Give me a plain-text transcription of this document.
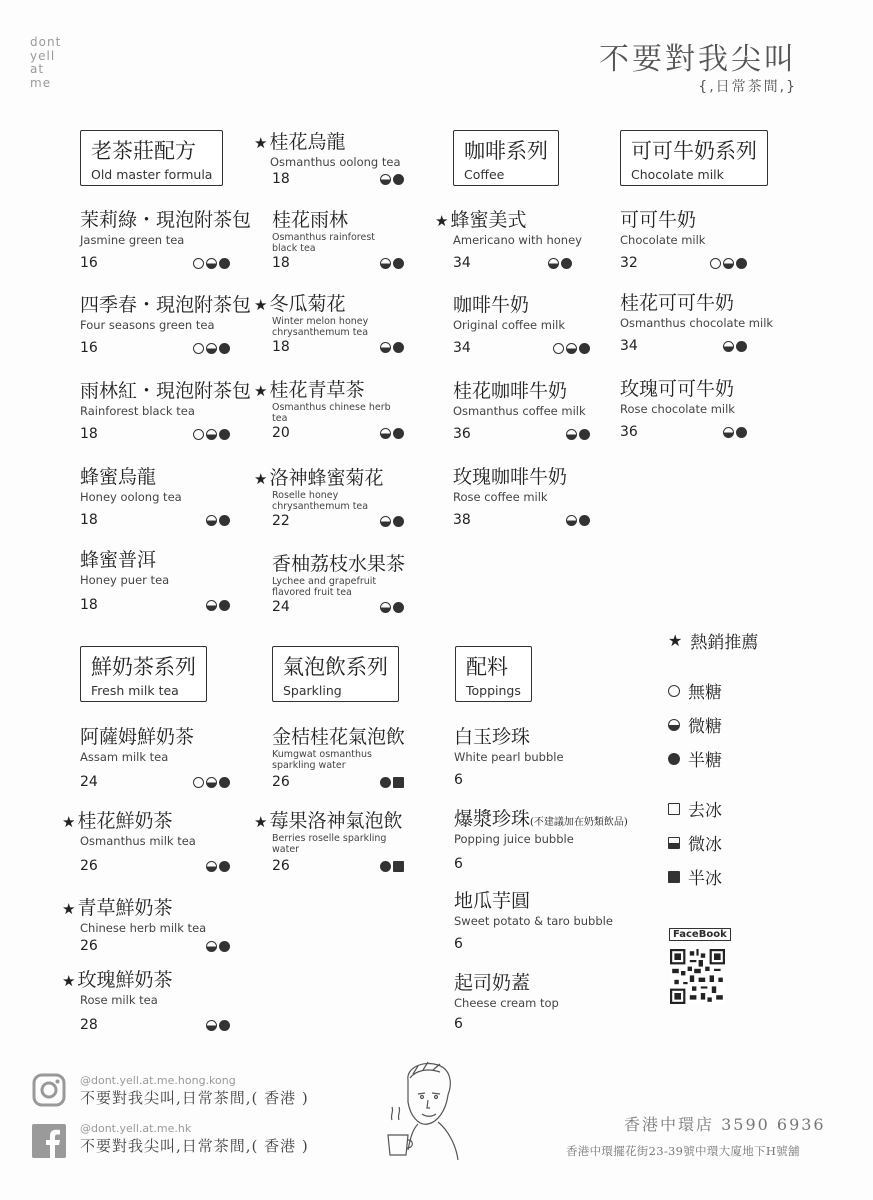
dont
yell
at
me
不要對我尖叫
{,日常茶間,}
老茶莊配方
Old master formula
咖啡系列
Coffee
可可牛奶系列
Chocolate milk
鮮奶茶系列
Fresh milk tea
氣泡飲系列
Sparkling
配料
Toppings
茉莉綠・現泡附茶包
Jasmine green tea
16
四季春・現泡附茶包
Four seasons green tea
16
雨林紅・現泡附茶包
Rainforest black tea
18
蜂蜜烏龍
Honey oolong tea
18
蜂蜜普洱
Honey puer tea
18
★ 桂花烏龍
Osmanthus oolong tea
18
桂花雨林
Osmanthus rainforest black tea
18
★ 冬瓜菊花
Winter melon honey chrysanthemum tea
18
★ 桂花青草茶
Osmanthus chinese herb tea
20
★ 洛神蜂蜜菊花
Roselle honey chrysanthemum tea
22
香柚荔枝水果茶
Lychee and grapefruit flavored fruit tea
24
★ 蜂蜜美式
Americano with honey
34
咖啡牛奶
Original coffee milk
34
桂花咖啡牛奶
Osmanthus coffee milk
36
玫瑰咖啡牛奶
Rose coffee milk
38
可可牛奶
Chocolate milk
32
桂花可可牛奶
Osmanthus chocolate milk
34
玫瑰可可牛奶
Rose chocolate milk
36
阿薩姆鮮奶茶
Assam milk tea
24
★ 桂花鮮奶茶
Osmanthus milk tea
26
★ 青草鮮奶茶
Chinese herb milk tea
26
★ 玫瑰鮮奶茶
Rose milk tea
28
金桔桂花氣泡飲
Kumgwat osmanthus sparkling water
26
★ 莓果洛神氣泡飲
Berries roselle sparkling water
26
白玉珍珠
White pearl bubble
6
爆漿珍珠(不建議加在奶類飲品)
Popping juice bubble
6
地瓜芋圓
Sweet potato & taro bubble
6
起司奶蓋
Cheese cream top
6
★ 熱銷推薦
無糖
微糖
半糖
去冰
微冰
半冰
FaceBook
@dont.yell.at.me.hong.kong
不要對我尖叫,日常茶間,( 香港 )
@dont.yell.at.me.hk
不要對我尖叫,日常茶間,( 香港 )
香港中環店 3590 6936
香港中環擺花街23-39號中環大廈地下H號舖
